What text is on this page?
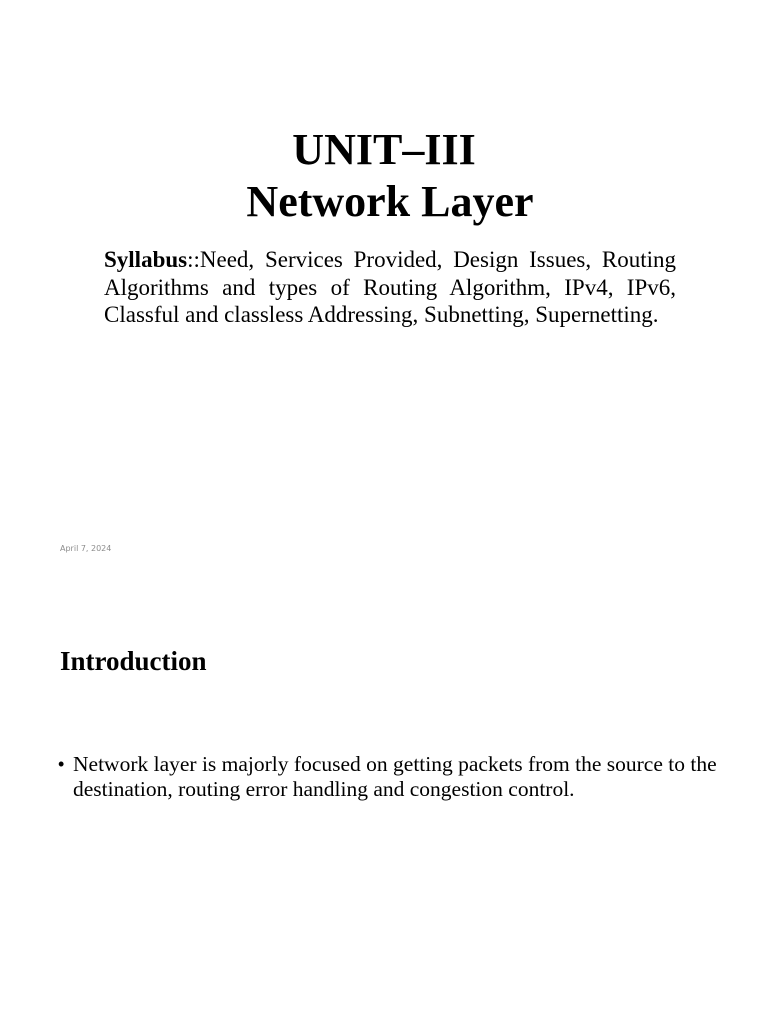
UNIT–III
Network Layer
Syllabus::Need, Services Provided, Design Issues, Routing Algorithms and types of Routing Algorithm, IPv4, IPv6, Classful and classless Addressing, Subnetting, Supernetting.
April 7, 2024
Introduction
• Network layer is majorly focused on getting packets from the source to the destination, routing error handling and congestion control.
